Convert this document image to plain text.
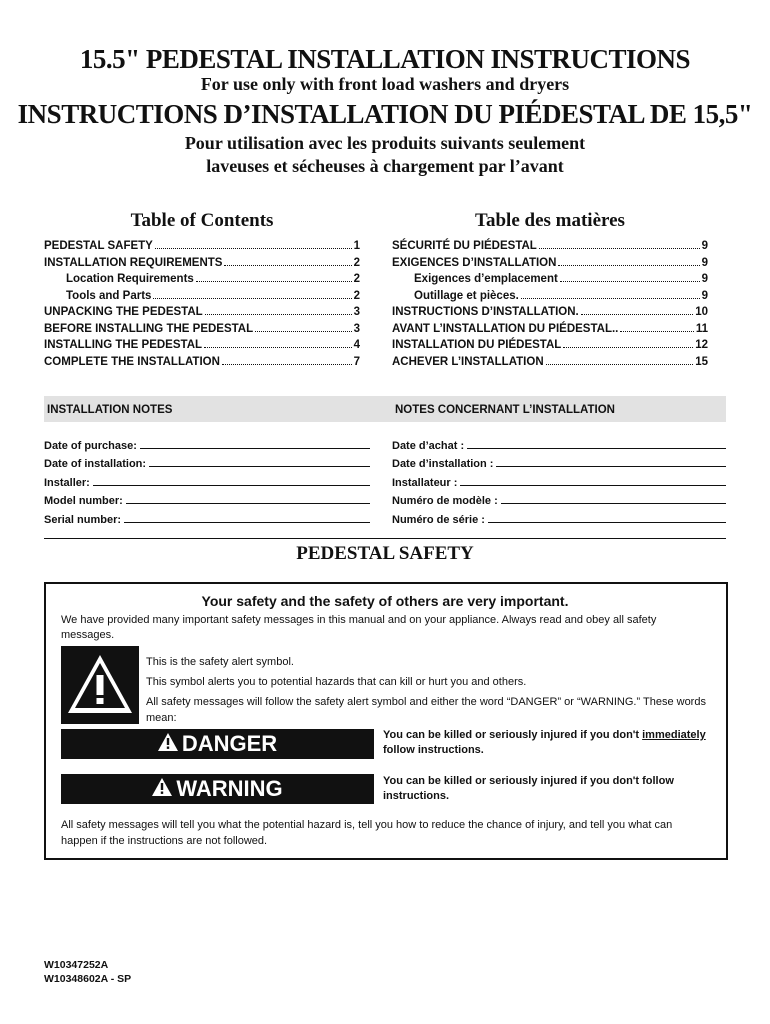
15.5" PEDESTAL INSTALLATION INSTRUCTIONS
For use only with front load washers and dryers
INSTRUCTIONS D’INSTALLATION DU PIÉDESTAL DE 15,5"
Pour utilisation avec les produits suivants seulement
laveuses et sécheuses à chargement par l’avant
Table of Contents	Table des matières
PEDESTAL SAFETY	1
INSTALLATION REQUIREMENTS	2
Location Requirements	2
Tools and Parts	2
UNPACKING THE PEDESTAL	3
BEFORE INSTALLING THE PEDESTAL	3
INSTALLING THE PEDESTAL	4
COMPLETE THE INSTALLATION	7
SÉCURITÉ DU PIÉDESTAL	9
EXIGENCES D’INSTALLATION	9
Exigences d’emplacement	9
Outillage et pièces.	9
INSTRUCTIONS D’INSTALLATION.	10
AVANT L’INSTALLATION DU PIÉDESTAL..	11
INSTALLATION DU PIÉDESTAL	12
ACHEVER L’INSTALLATION	15
INSTALLATION NOTES	NOTES CONCERNANT L’INSTALLATION
Date of purchase:
Date of installation:
Installer:
Model number:
Serial number:
Date d’achat :
Date d’installation :
Installateur :
Numéro de modèle :
Numéro de série :
PEDESTAL SAFETY
Your safety and the safety of others are very important.
We have provided many important safety messages in this manual and on your appliance. Always read and obey all safety messages.

This is the safety alert symbol.

This symbol alerts you to potential hazards that can kill or hurt you and others.

All safety messages will follow the safety alert symbol and either the word “DANGER” or “WARNING.” These words mean:

DANGER	You can be killed or seriously injured if you don't immediately follow instructions.
WARNING	You can be killed or seriously injured if you don't follow instructions.
All safety messages will tell you what the potential hazard is, tell you how to reduce the chance of injury, and tell you what can happen if the instructions are not followed.
W10347252A
W10348602A - SP
